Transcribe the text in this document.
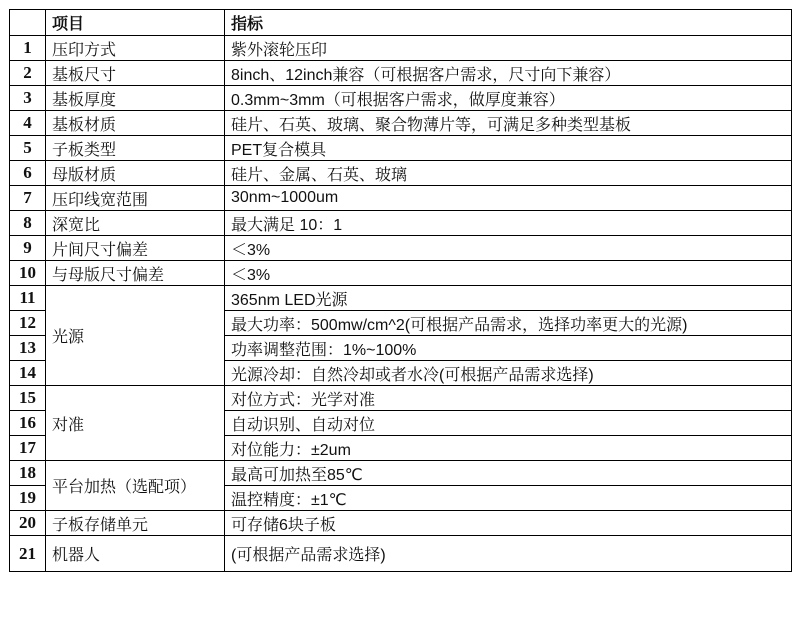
	项目	指标
1	压印方式	紫外滚轮压印
2	基板尺寸	8inch、12inch兼容（可根据客户需求，尺寸向下兼容）
3	基板厚度	0.3mm~3mm（可根据客户需求，做厚度兼容）
4	基板材质	硅片、石英、玻璃、聚合物薄片等，可满足多种类型基板
5	子板类型	PET复合模具
6	母版材质	硅片、金属、石英、玻璃
7	压印线宽范围	30nm~1000um
8	深宽比	最大满足 10：1
9	片间尺寸偏差	＜3%
10	与母版尺寸偏差	＜3%
11	光源	365nm LED光源
12		最大功率：500mw/cm^2(可根据产品需求，选择功率更大的光源)
13		功率调整范围：1%~100%
14		光源冷却：自然冷却或者水冷(可根据产品需求选择)
15	对准	对位方式：光学对准
16		自动识别、自动对位
17		对位能力：±2um
18	平台加热（选配项）	最高可加热至85℃
19		温控精度：±1℃
20	子板存储单元	可存储6块子板
21	机器人	(可根据产品需求选择)
